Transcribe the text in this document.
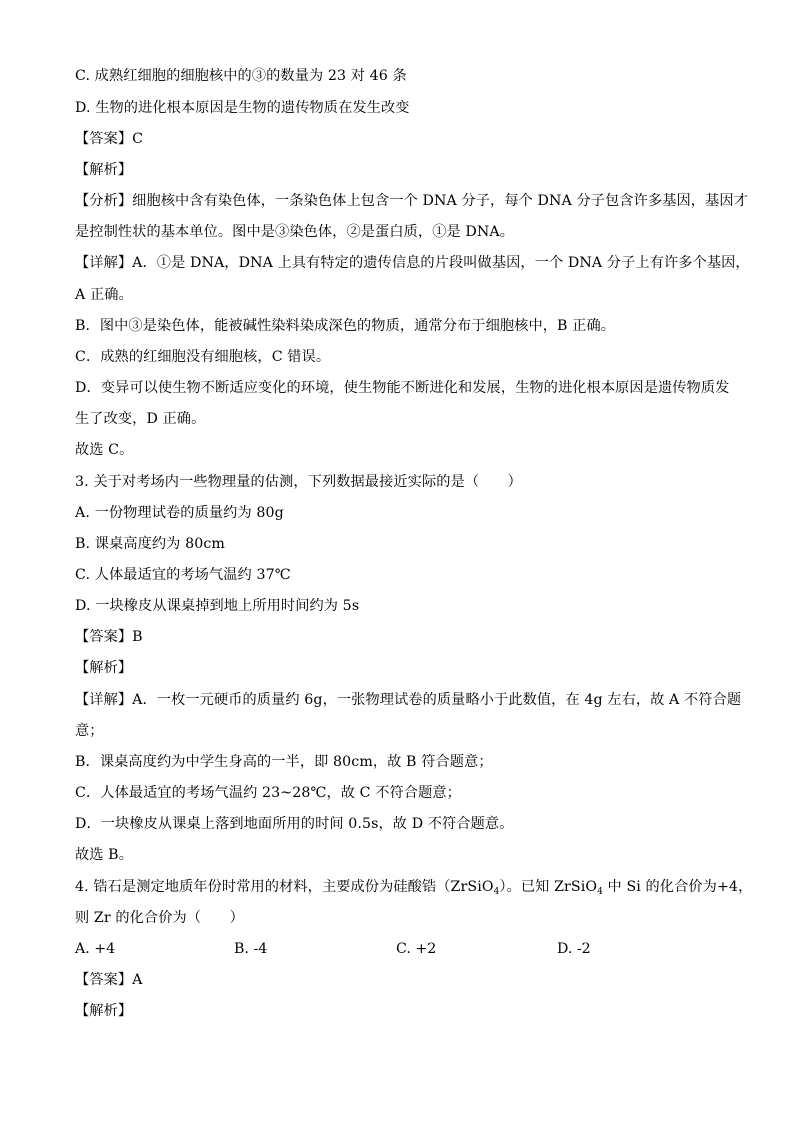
C. 成熟红细胞的细胞核中的③的数量为 23 对 46 条
D. 生物的进化根本原因是生物的遗传物质在发生改变
【答案】C
【解析】
【分析】细胞核中含有染色体，一条染色体上包含一个 DNA 分子，每个 DNA 分子包含许多基因，基因才
是控制性状的基本单位。图中是③染色体，②是蛋白质，①是 DNA。
【详解】A．①是 DNA，DNA 上具有特定的遗传信息的片段叫做基因，一个 DNA 分子上有许多个基因，
A 正确。
B．图中③是染色体，能被碱性染料染成深色的物质，通常分布于细胞核中，B 正确。
C．成熟的红细胞没有细胞核，C 错误。
D．变异可以使生物不断适应变化的环境，使生物能不断进化和发展，生物的进化根本原因是遗传物质发
生了改变，D 正确。
故选 C。
3. 关于对考场内一些物理量的估测，下列数据最接近实际的是（　　）
A. 一份物理试卷的质量约为 80g
B. 课桌高度约为 80cm
C. 人体最适宜的考场气温约 37℃
D. 一块橡皮从课桌掉到地上所用时间约为 5s
【答案】B
【解析】
【详解】A．一枚一元硬币的质量约 6g，一张物理试卷的质量略小于此数值，在 4g 左右，故 A 不符合题
意；
B．课桌高度约为中学生身高的一半，即 80cm，故 B 符合题意；
C．人体最适宜的考场气温约 23~28℃，故 C 不符合题意；
D．一块橡皮从课桌上落到地面所用的时间 0.5s，故 D 不符合题意。
故选 B。
4. 锆石是测定地质年份时常用的材料，主要成份为硅酸锆（ZrSiO$_4$）。已知 ZrSiO$_4$ 中 Si 的化合价为+4，
则 Zr 的化合价为（　　）
A. +4	B. -4	C. +2	D. -2
【答案】A
【解析】
